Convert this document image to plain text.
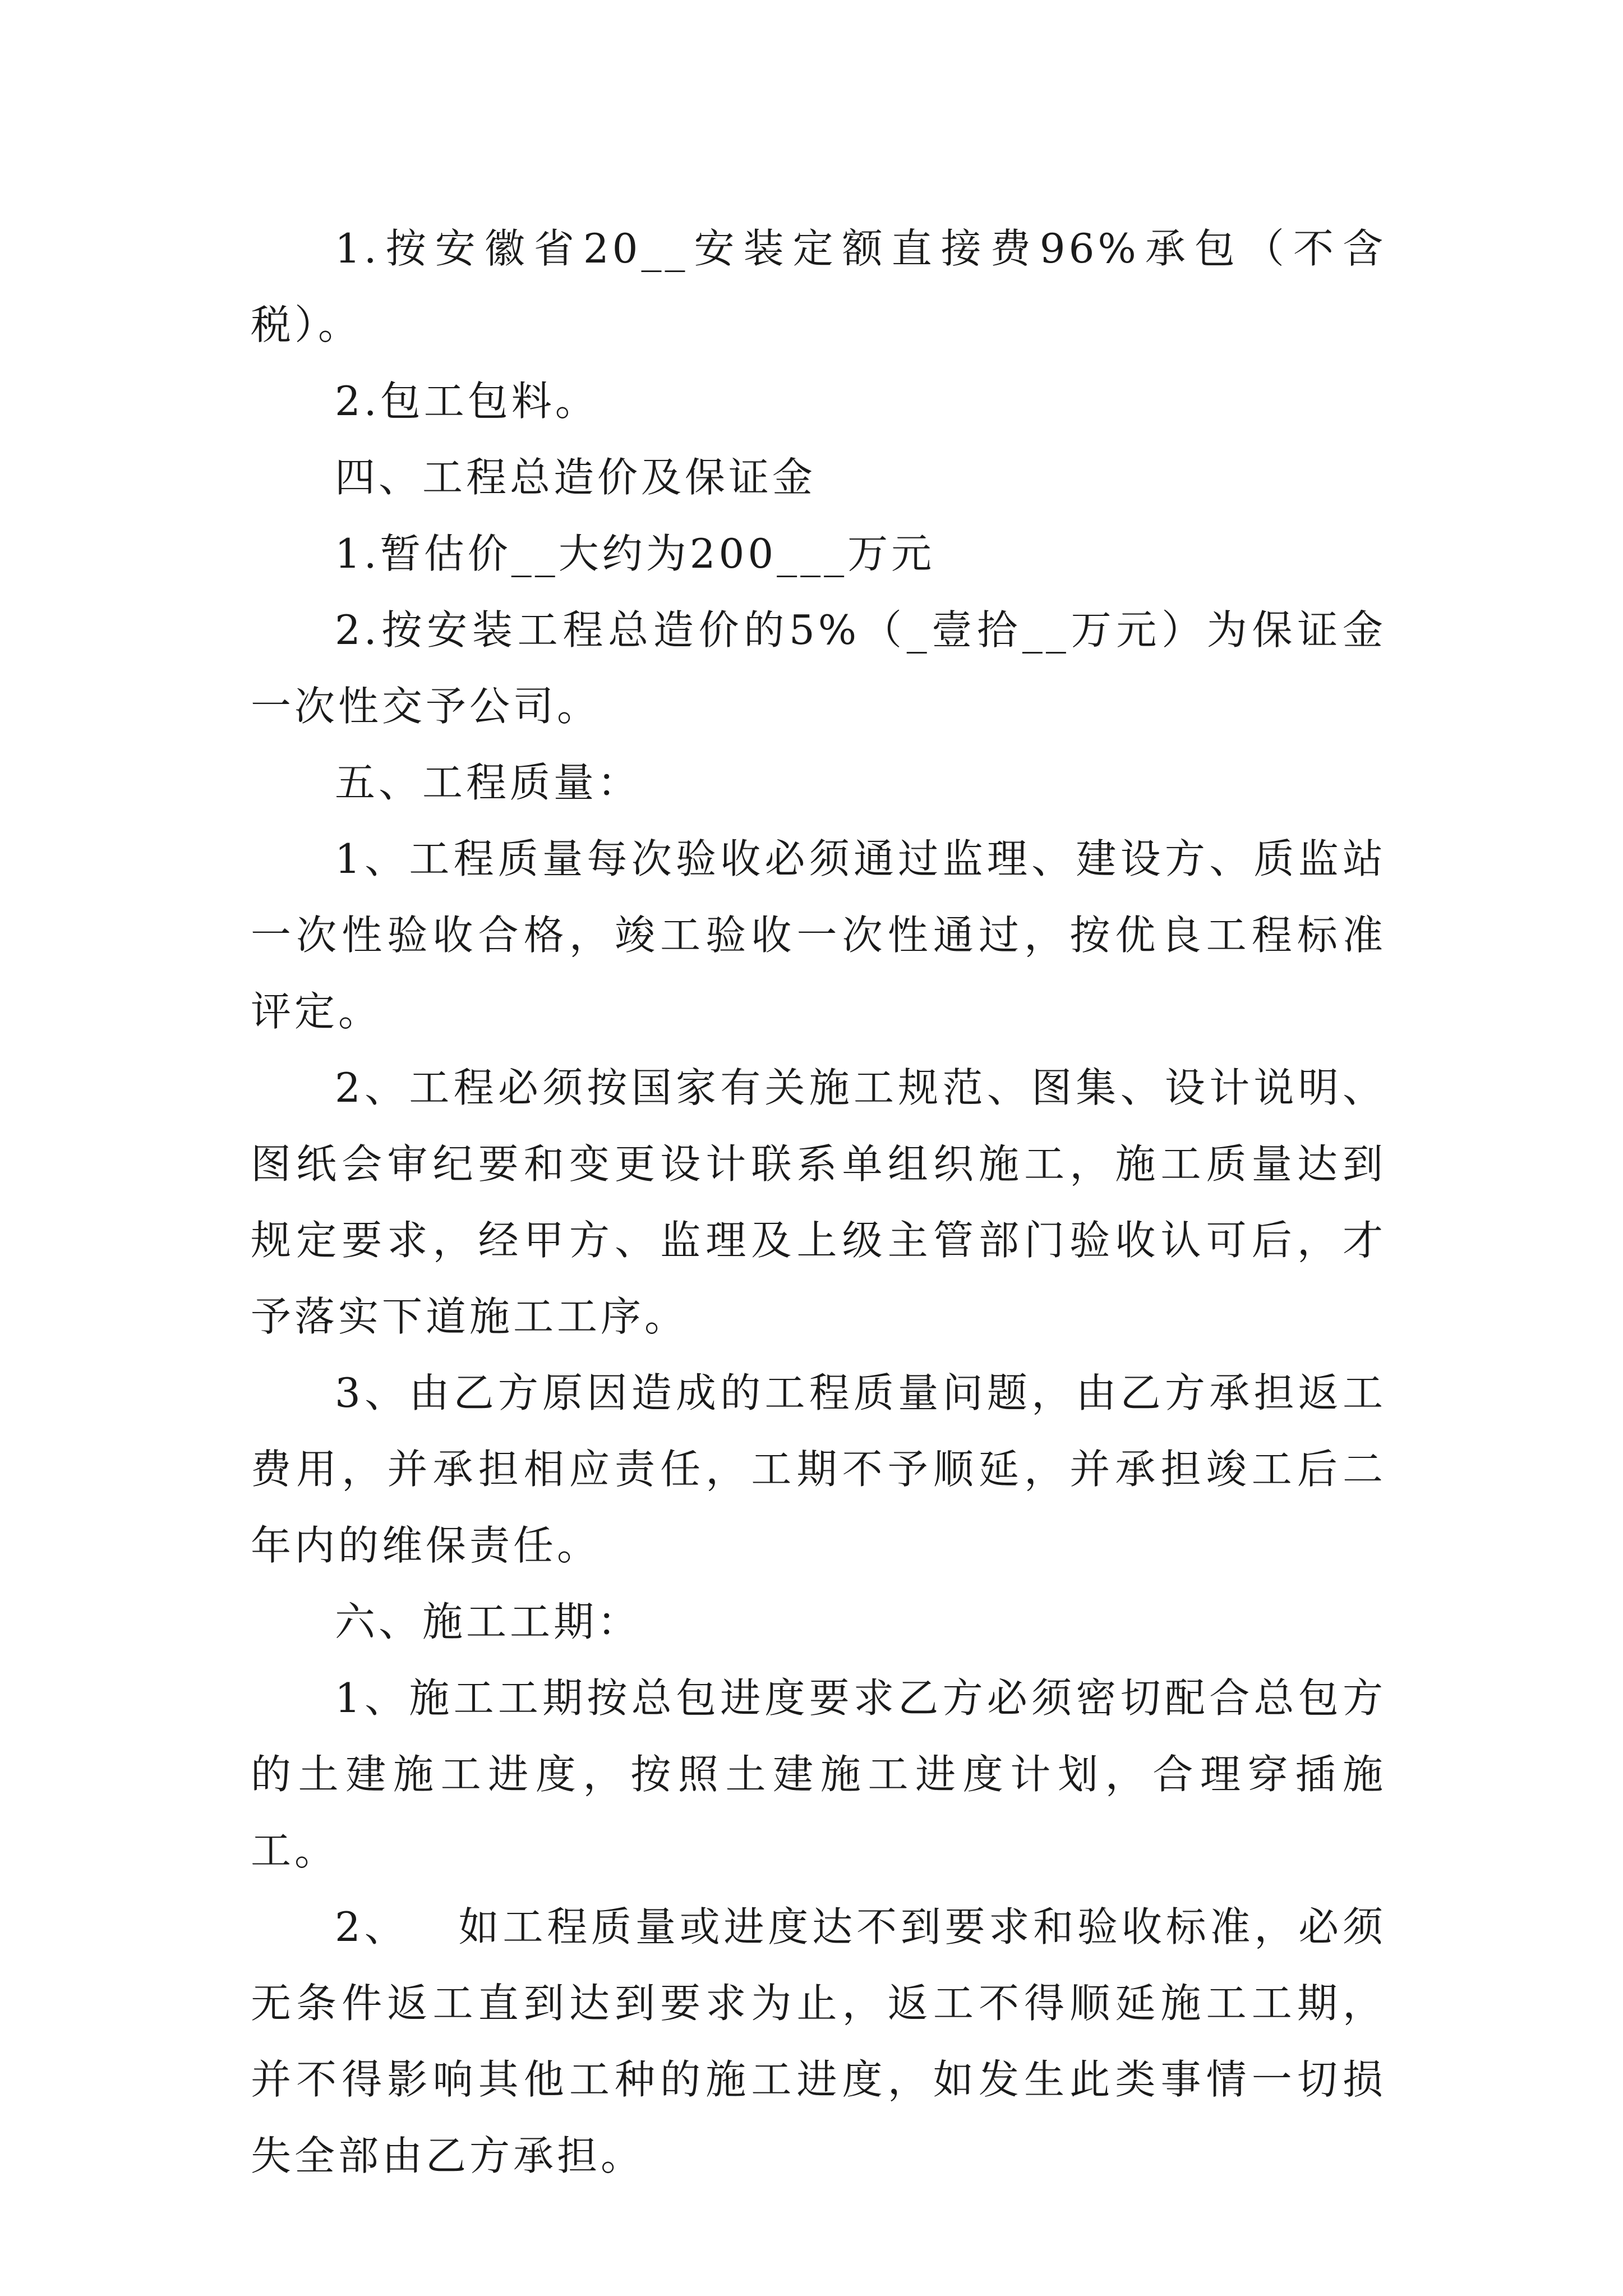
1.按安徽省20__安装定额直接费96%承包（不含税）。

2.包工包料。

四、工程总造价及保证金

1.暂估价__大约为200___万元

2.按安装工程总造价的5%（_壹拾__万元）为保证金一次性交予公司。

五、工程质量：

1、工程质量每次验收必须通过监理、建设方、质监站一次性验收合格，竣工验收一次性通过，按优良工程标准评定。

2、工程必须按国家有关施工规范、图集、设计说明、图纸会审纪要和变更设计联系单组织施工，施工质量达到规定要求，经甲方、监理及上级主管部门验收认可后，才予落实下道施工工序。

3、由乙方原因造成的工程质量问题，由乙方承担返工费用，并承担相应责任，工期不予顺延，并承担竣工后二年内的维保责任。

六、施工工期：

1、施工工期按总包进度要求乙方必须密切配合总包方的土建施工进度，按照土建施工进度计划，合理穿插施工。

2、   如工程质量或进度达不到要求和验收标准，必须无条件返工直到达到要求为止，返工不得顺延施工工期，并不得影响其他工种的施工进度，如发生此类事情一切损失全部由乙方承担。
